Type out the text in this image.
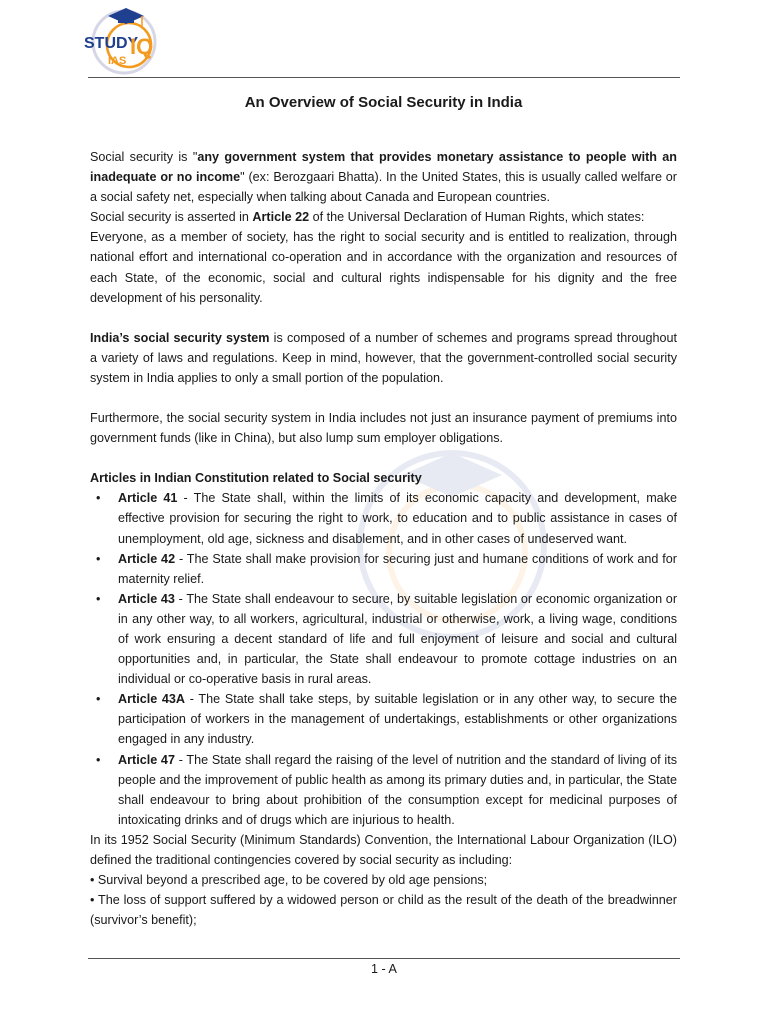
STUDY
IQ
IAS
An Overview of Social Security in India

Social security is "any government system that provides monetary assistance to people with an inadequate or no income" (ex: Berozgaari Bhatta). In the United States, this is usually called welfare or a social safety net, especially when talking about Canada and European countries.

Social security is asserted in Article 22 of the Universal Declaration of Human Rights, which states:

Everyone, as a member of society, has the right to social security and is entitled to realization, through national effort and international co-operation and in accordance with the organization and resources of each State, of the economic, social and cultural rights indispensable for his dignity and the free development of his personality.

India’s social security system is composed of a number of schemes and programs spread throughout a variety of laws and regulations. Keep in mind, however, that the government-controlled social security system in India applies to only a small portion of the population.

Furthermore, the social security system in India includes not just an insurance payment of premiums into government funds (like in China), but also lump sum employer obligations.

Articles in Indian Constitution related to Social security
• Article 41 - The State shall, within the limits of its economic capacity and development, make effective provision for securing the right to work, to education and to public assistance in cases of unemployment, old age, sickness and disablement, and in other cases of undeserved want.
• Article 42 - The State shall make provision for securing just and humane conditions of work and for maternity relief.
• Article 43 - The State shall endeavour to secure, by suitable legislation or economic organization or in any other way, to all workers, agricultural, industrial or otherwise, work, a living wage, conditions of work ensuring a decent standard of life and full enjoyment of leisure and social and cultural opportunities and, in particular, the State shall endeavour to promote cottage industries on an individual or co-operative basis in rural areas.
• Article 43A - The State shall take steps, by suitable legislation or in any other way, to secure the participation of workers in the management of undertakings, establishments or other organizations engaged in any industry.
• Article 47 - The State shall regard the raising of the level of nutrition and the standard of living of its people and the improvement of public health as among its primary duties and, in particular, the State shall endeavour to bring about prohibition of the consumption except for medicinal purposes of intoxicating drinks and of drugs which are injurious to health.

In its 1952 Social Security (Minimum Standards) Convention, the International Labour Organization (ILO) defined the traditional contingencies covered by social security as including:

• Survival beyond a prescribed age, to be covered by old age pensions;

• The loss of support suffered by a widowed person or child as the result of the death of the breadwinner (survivor’s benefit);

1 - A
